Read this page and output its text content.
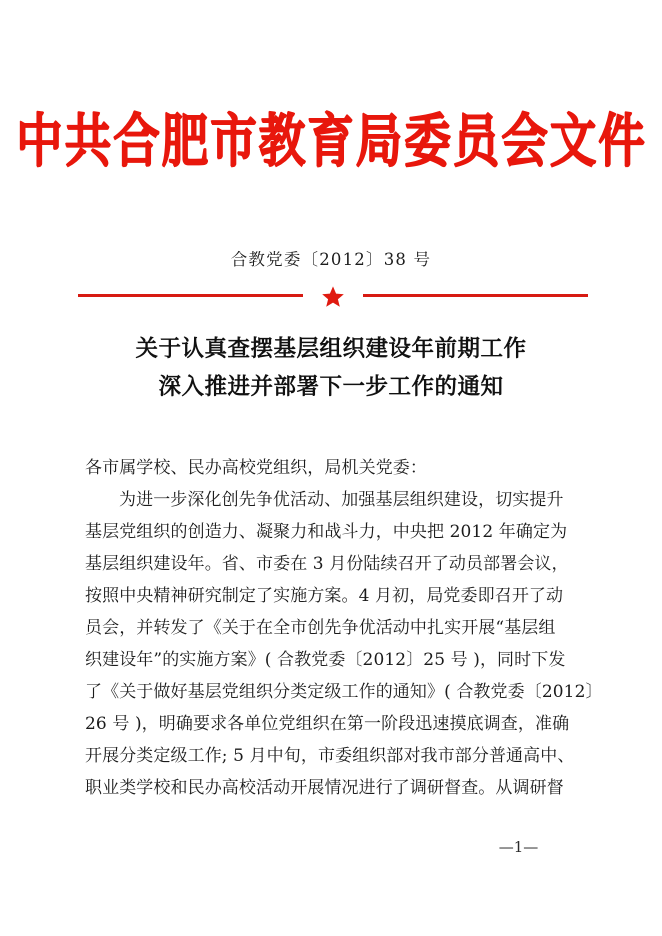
中共合肥市教育局委员会文件
合教党委〔2012〕38 号
关于认真查摆基层组织建设年前期工作
深入推进并部署下一步工作的通知
各市属学校、民办高校党组织，局机关党委：
为进一步深化创先争优活动、加强基层组织建设，切实提升
基层党组织的创造力、凝聚力和战斗力，中央把 2012 年确定为
基层组织建设年。省、市委在 3 月份陆续召开了动员部署会议，
按照中央精神研究制定了实施方案。4 月初，局党委即召开了动
员会，并转发了《关于在全市创先争优活动中扎实开展“基层组
织建设年”的实施方案》( 合教党委〔2012〕25 号 )，同时下发
了《关于做好基层党组织分类定级工作的通知》( 合教党委〔2012〕
26 号 )，明确要求各单位党组织在第一阶段迅速摸底调查，准确
开展分类定级工作; 5 月中旬，市委组织部对我市部分普通高中、
职业类学校和民办高校活动开展情况进行了调研督查。从调研督
—1—
